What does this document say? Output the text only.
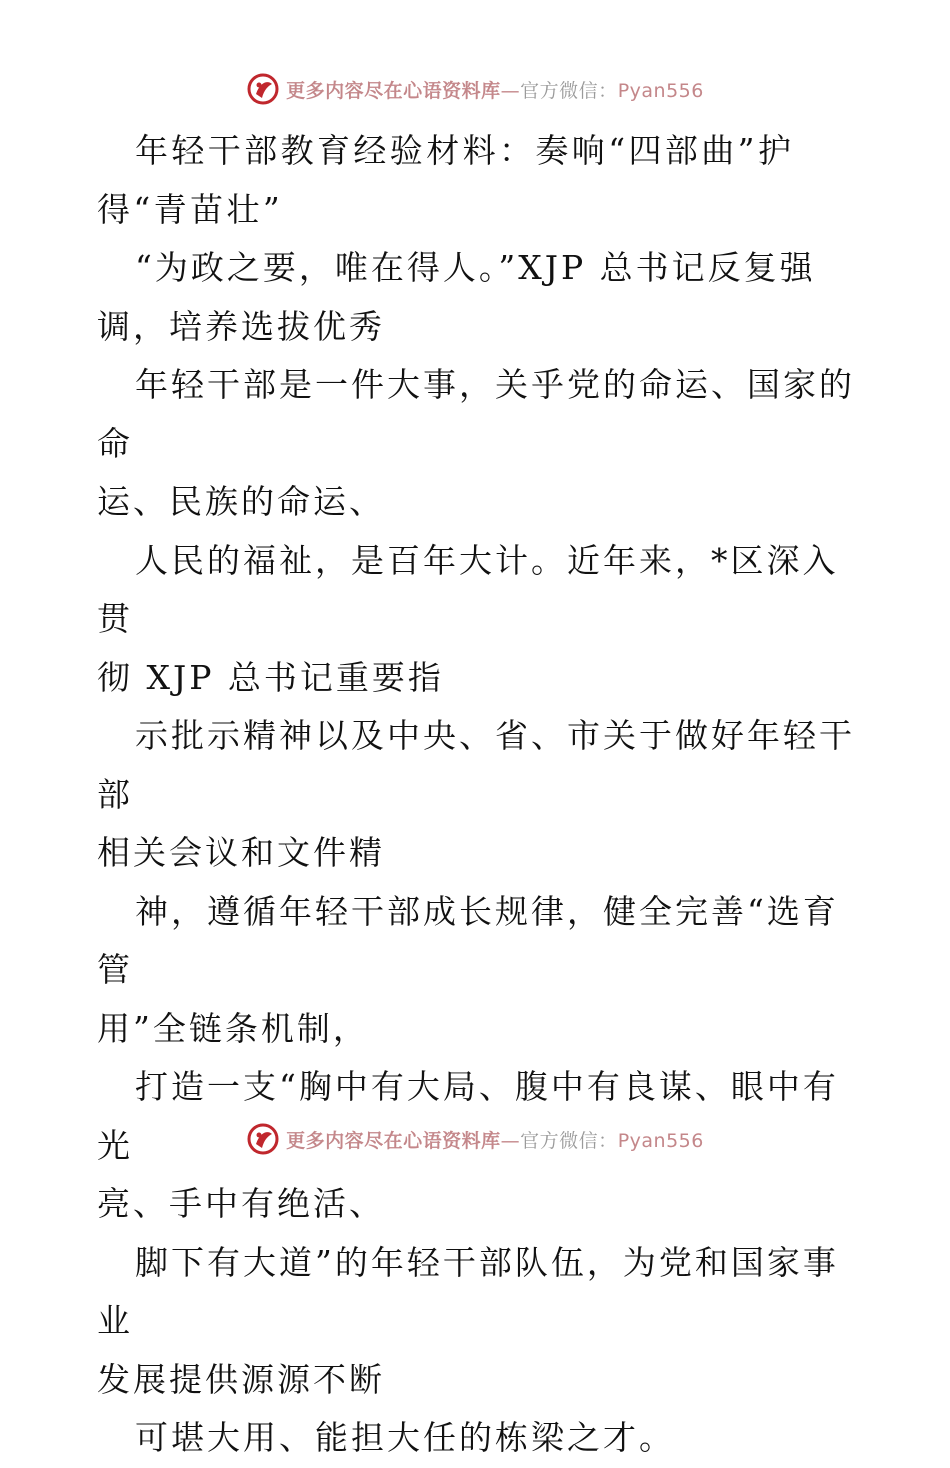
更多内容尽在心语资料库—官方微信：Pyan556

年轻干部教育经验材料：奏响“四部曲”护
得“青苗壮”

“为政之要，唯在得人。”XJP 总书记反复强
调，培养选拔优秀

年轻干部是一件大事，关乎党的命运、国家的命
运、民族的命运、

人民的福祉，是百年大计。近年来，*区深入贯
彻 XJP 总书记重要指

示批示精神以及中央、省、市关于做好年轻干部
相关会议和文件精

神，遵循年轻干部成长规律，健全完善“选育管
用”全链条机制，

打造一支“胸中有大局、腹中有良谋、眼中有光
亮、手中有绝活、

脚下有大道”的年轻干部队伍，为党和国家事业
发展提供源源不断

可堪大用、能担大任的栋梁之才。

更多内容尽在心语资料库—官方微信：Pyan556
